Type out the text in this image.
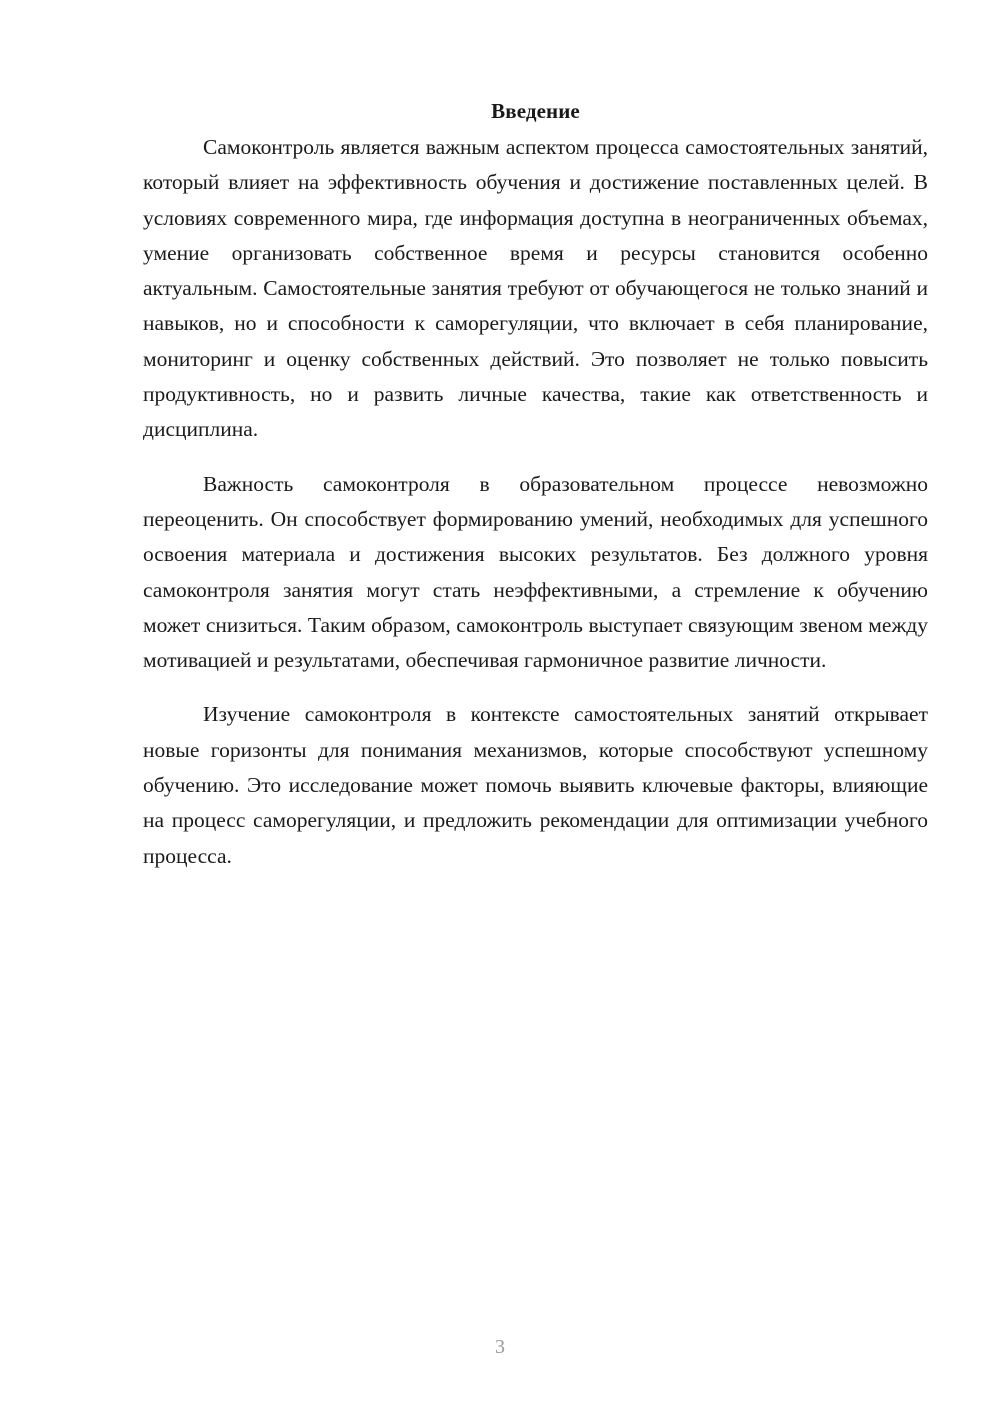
Введение

Самоконтроль является важным аспектом процесса самостоятельных занятий, который влияет на эффективность обучения и достижение поставленных целей. В условиях современного мира, где информация доступна в неограниченных объемах, умение организовать собственное время и ресурсы становится особенно актуальным. Самостоятельные занятия требуют от обучающегося не только знаний и навыков, но и способности к саморегуляции, что включает в себя планирование, мониторинг и оценку собственных действий. Это позволяет не только повысить продуктивность, но и развить личные качества, такие как ответственность и дисциплина.

Важность самоконтроля в образовательном процессе невозможно переоценить. Он способствует формированию умений, необходимых для успешного освоения материала и достижения высоких результатов. Без должного уровня самоконтроля занятия могут стать неэффективными, а стремление к обучению может снизиться. Таким образом, самоконтроль выступает связующим звеном между мотивацией и результатами, обеспечивая гармоничное развитие личности.

Изучение самоконтроля в контексте самостоятельных занятий открывает новые горизонты для понимания механизмов, которые способствуют успешному обучению. Это исследование может помочь выявить ключевые факторы, влияющие на процесс саморегуляции, и предложить рекомендации для оптимизации учебного процесса.

3
